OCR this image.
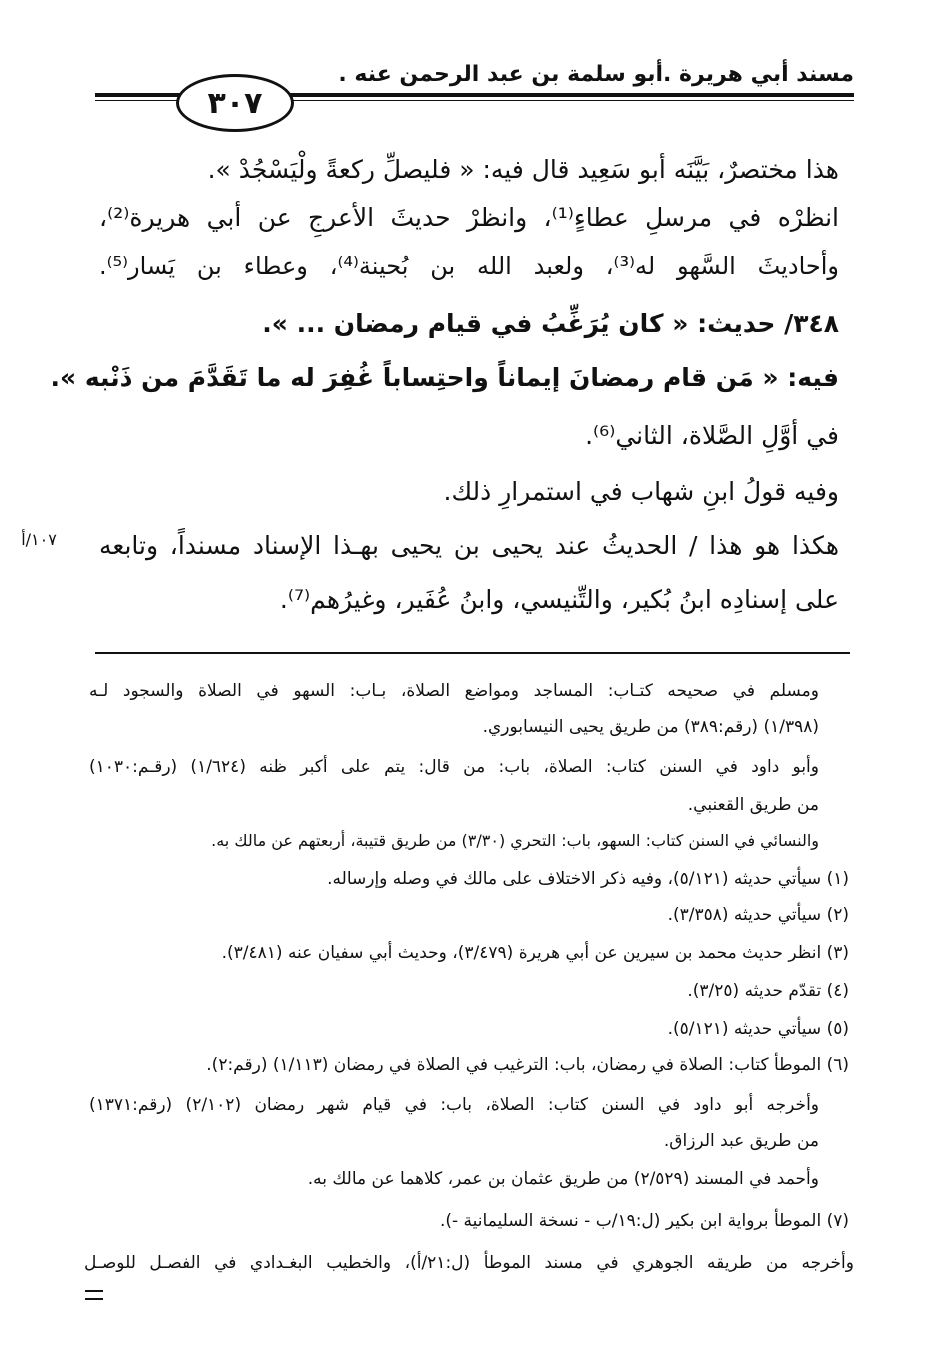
مسند أبي هريرة .أبو سلمة بن عبد الرحمن عنه .
٣٠٧
هذا مختصرٌ، بَيَّنَه أبو سَعِيد قال فيه: « فليصلِّ ركعةً ولْيَسْجُدْ ».
انظرْه في مرسلِ عطاءٍ⁽¹⁾، وانظرْ حديثَ الأعرجِ عن أبي هريرة⁽²⁾،
وأحاديثَ السَّهو له⁽³⁾، ولعبد الله بن بُحينة⁽⁴⁾، وعطاء بن يَسار⁽⁵⁾.
٣٤٨/ حديث: « كان يُرَغِّبُ في قيام رمضان ... ».
فيه: « مَن قام رمضانَ إيماناً واحتِساباً غُفِرَ له ما تَقَدَّمَ من ذَنْبه ».
في أوَّلِ الصَّلاة، الثاني⁽⁶⁾.
وفيه قولُ ابنِ شهاب في استمرارِ ذلك.
هكذا هو هذا / الحديثُ عند يحيى بن يحيى بهـذا الإسناد مسنداً، وتابعه
على إسنادِه ابنُ بُكير، والتِّنيسي، وابنُ عُفَير، وغيرُهم⁽⁷⁾.
١٠٧/أ
ومسلم في صحيحه كتـاب: المساجد ومواضع الصلاة، بـاب: السهو في الصلاة والسجود لـه
(١/٣٩٨) (رقم:٣٨٩) من طريق يحيى النيسابوري.
وأبو داود في السنن كتاب: الصلاة، باب: من قال: يتم على أكبر ظنه (١/٦٢٤) (رقـم:١٠٣٠)
من طريق القعنبي.
والنسائي في السنن كتاب: السهو، باب: التحري (٣/٣٠) من طريق قتيبة، أربعتهم عن مالك به.
(١) سيأتي حديثه (٥/١٢١)، وفيه ذكر الاختلاف على مالك في وصله وإرساله.
(٢) سيأتي حديثه (٣/٣٥٨).
(٣) انظر حديث محمد بن سيرين عن أبي هريرة (٣/٤٧٩)، وحديث أبي سفيان عنه (٣/٤٨١).
(٤) تقدّم حديثه (٣/٢٥).
(٥) سيأتي حديثه (٥/١٢١).
(٦) الموطأ كتاب: الصلاة في رمضان، باب: الترغيب في الصلاة في رمضان (١/١١٣) (رقم:٢).
وأخرجه أبو داود في السنن كتاب: الصلاة، باب: في قيام شهر رمضان (٢/١٠٢) (رقم:١٣٧١)
من طريق عبد الرزاق.
وأحمد في المسند (٢/٥٢٩) من طريق عثمان بن عمر، كلاهما عن مالك به.
(٧) الموطأ برواية ابن بكير (ل:١٩/ب - نسخة السليمانية -).
وأخرجه من طريقه الجوهري في مسند الموطأ (ل:٢١/أ)، والخطيب البغـدادي في الفصـل للوصـل
